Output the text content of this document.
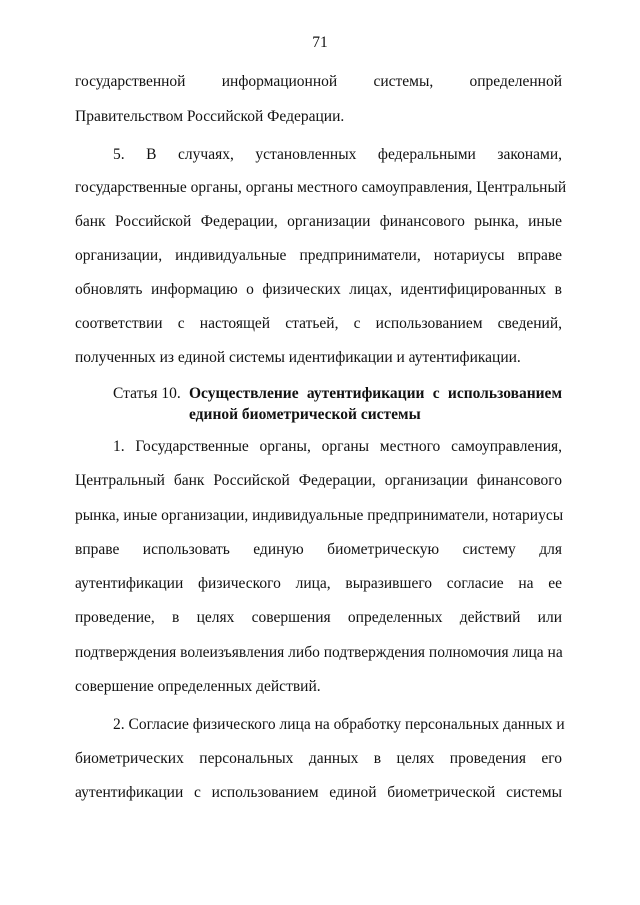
71
государственной информационной системы, определенной
Правительством Российской Федерации.
5. В случаях, установленных федеральными законами,
государственные органы, органы местного самоуправления, Центральный
банк Российской Федерации, организации финансового рынка, иные
организации, индивидуальные предприниматели, нотариусы вправе
обновлять информацию о физических лицах, идентифицированных в
соответствии с настоящей статьей, с использованием сведений,
полученных из единой системы идентификации и аутентификации.
Статья 10. Осуществление аутентификации с использованием
единой биометрической системы
1. Государственные органы, органы местного самоуправления,
Центральный банк Российской Федерации, организации финансового
рынка, иные организации, индивидуальные предприниматели, нотариусы
вправе использовать единую биометрическую систему для
аутентификации физического лица, выразившего согласие на ее
проведение, в целях совершения определенных действий или
подтверждения волеизъявления либо подтверждения полномочия лица на
совершение определенных действий.
2. Согласие физического лица на обработку персональных данных и
биометрических персональных данных в целях проведения его
аутентификации с использованием единой биометрической системы
